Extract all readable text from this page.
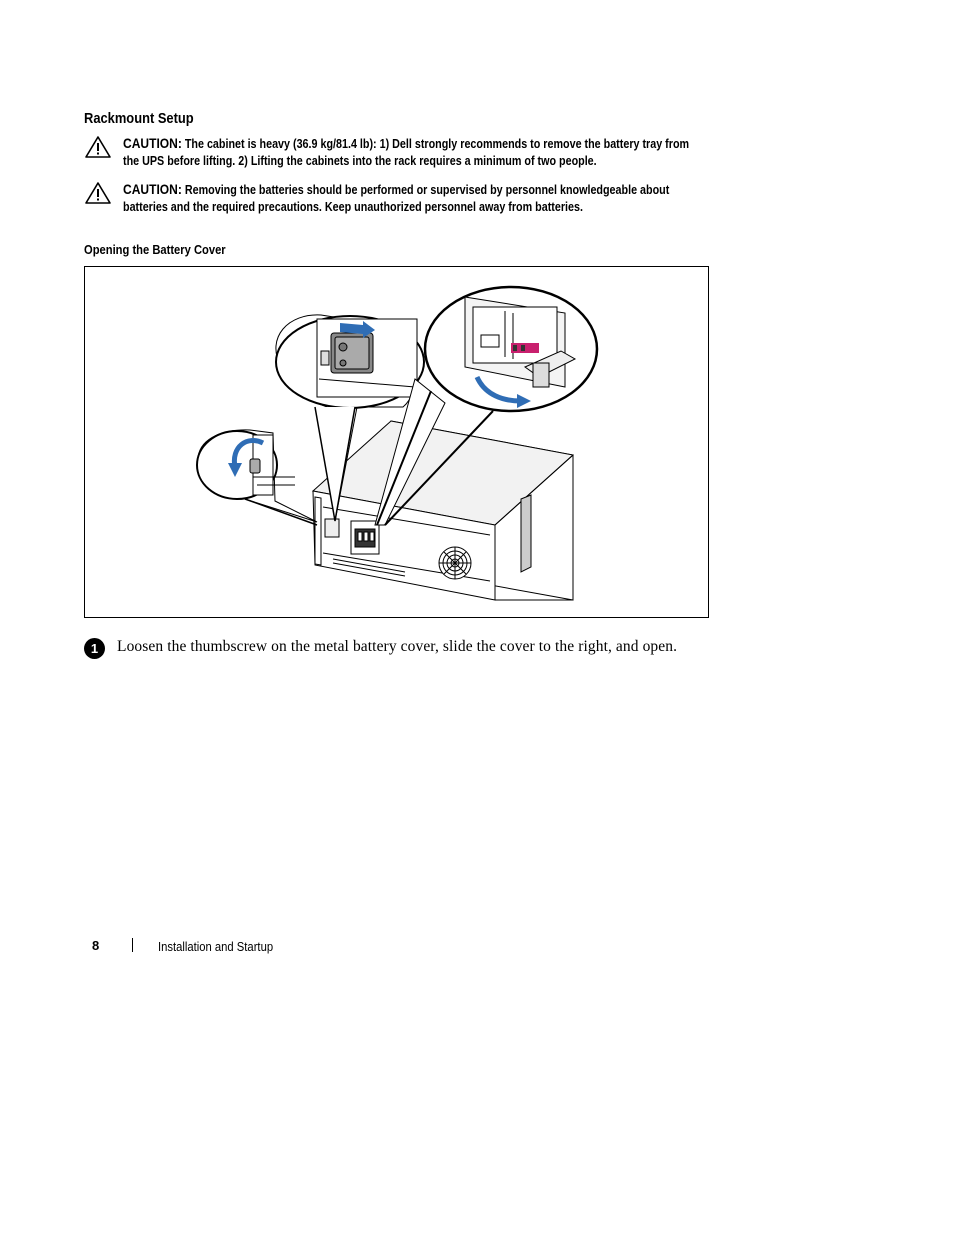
Rackmount Setup
CAUTION: The cabinet is heavy (36.9 kg/81.4 lb): 1) Dell strongly recommends to remove the battery tray from
the UPS before lifting. 2) Lifting the cabinets into the rack requires a minimum of two people.
CAUTION: Removing the batteries should be performed or supervised by personnel knowledgeable about
batteries and the required precautions. Keep unauthorized personnel away from batteries.
Opening the Battery Cover
1	Loosen the thumbscrew on the metal battery cover, slide the cover to the right, and open.
8	Installation and Startup
